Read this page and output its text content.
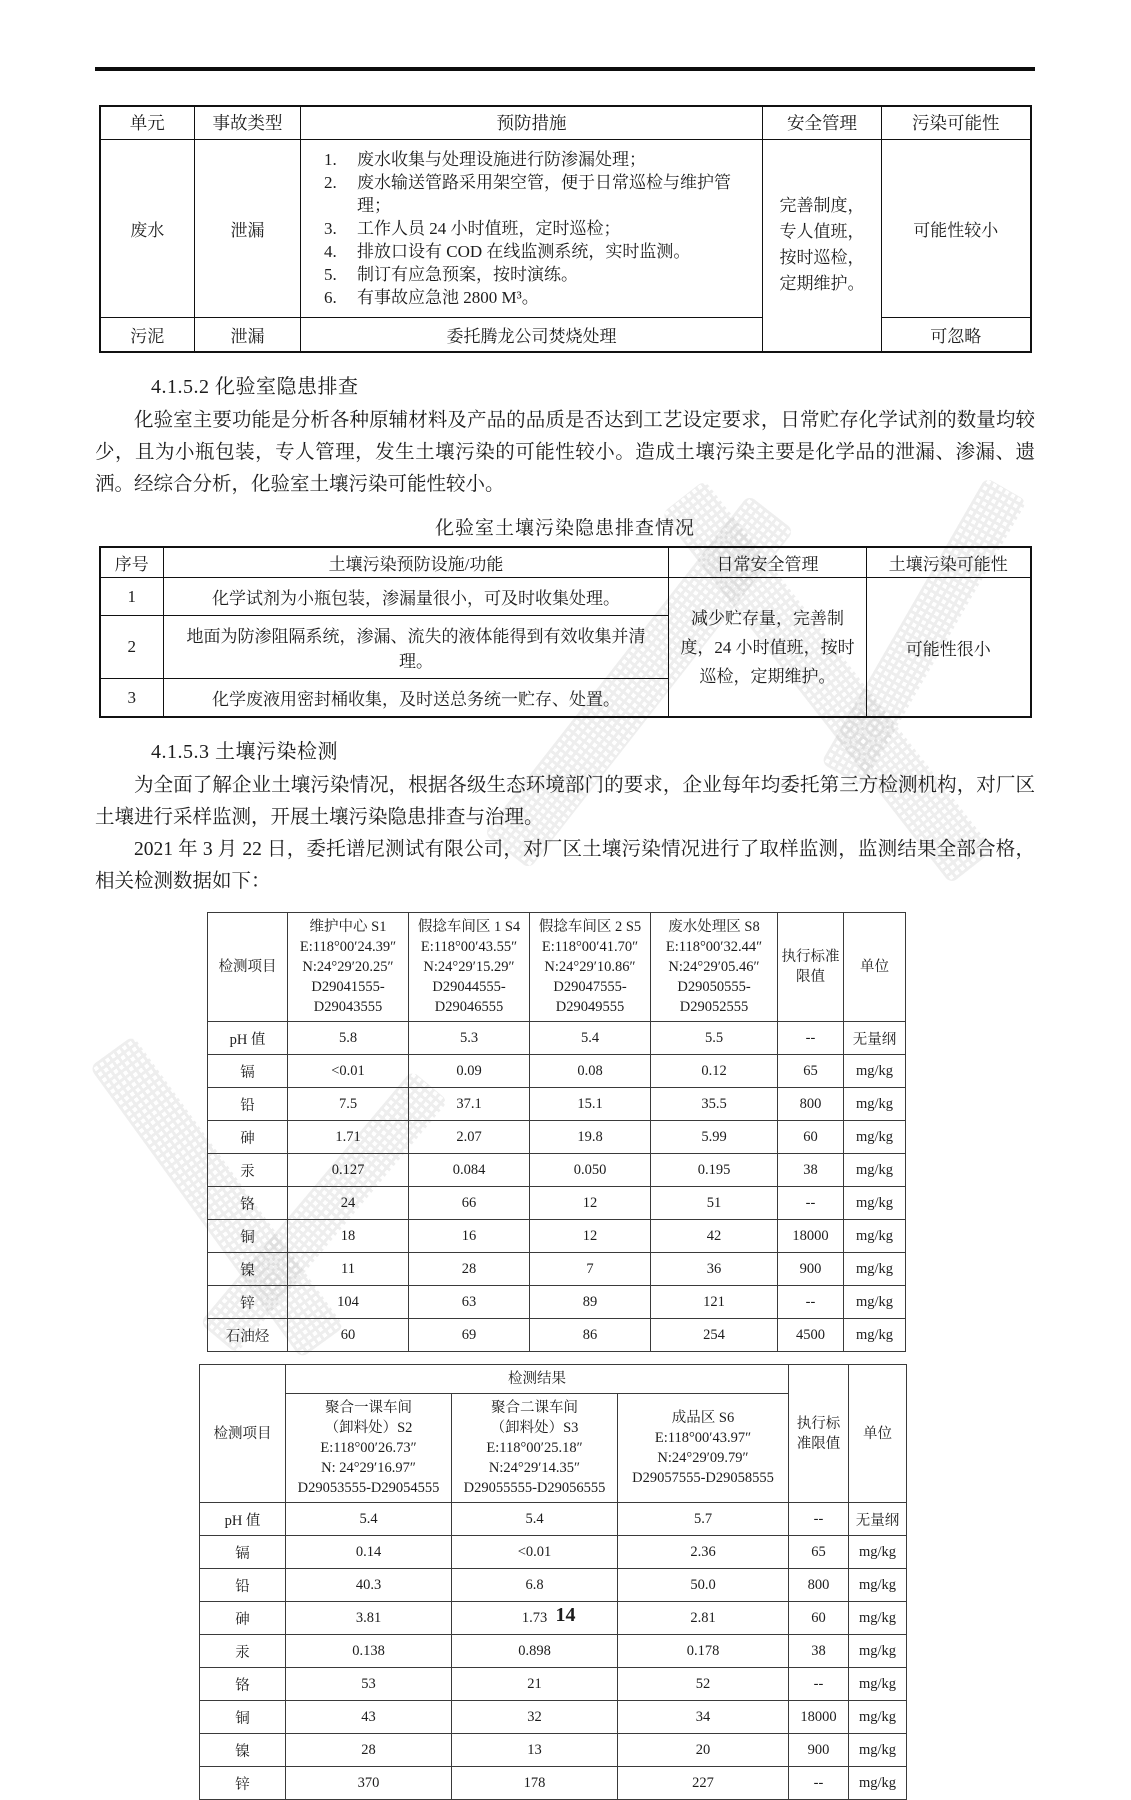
单元	事故类型	预防措施	安全管理	污染可能性
废水	泄漏	
1. 废水收集与处理设施进行防渗漏处理；
2. 废水输送管路采用架空管，便于日常巡检与维护管理；
3. 工作人员 24 小时值班，定时巡检；
4. 排放口设有 COD 在线监测系统，实时监测。
5. 制订有应急预案，按时演练。
6. 有事故应急池 2800 M³。
	完善制度，专人值班，按时巡检，定期维护。	可能性较小
污泥	泄漏	委托腾龙公司焚烧处理		可忽略
4.1.5.2 化验室隐患排查

化验室主要功能是分析各种原辅材料及产品的品质是否达到工艺设定要求，日常贮存化学试剂的数量均较少，且为小瓶包装，专人管理，发生土壤污染的可能性较小。造成土壤污染主要是化学品的泄漏、渗漏、遗洒。经综合分析，化验室土壤污染可能性较小。

化验室土壤污染隐患排查情况
序号	土壤污染预防设施/功能	日常安全管理	土壤污染可能性
1	化学试剂为小瓶包装，渗漏量很小，可及时收集处理。	减少贮存量，完善制度，24 小时值班，按时巡检，定期维护。	可能性很小
2	地面为防渗阻隔系统，渗漏、流失的液体能得到有效收集并清理。		
3	化学废液用密封桶收集，及时送总务统一贮存、处置。		
4.1.5.3 土壤污染检测

为全面了解企业土壤污染情况，根据各级生态环境部门的要求，企业每年均委托第三方检测机构，对厂区土壤进行采样监测，开展土壤污染隐患排查与治理。

2021 年 3 月 22 日，委托谱尼测试有限公司，对厂区土壤污染情况进行了取样监测，监测结果全部合格，相关检测数据如下：

检测项目	维护中心 S1
E:118°00′24.39″
N:24°29′20.25″
D29041555-
D29043555	假捻车间区 1 S4
E:118°00′43.55″
N:24°29′15.29″
D29044555-
D29046555	假捻车间区 2 S5
E:118°00′41.70″
N:24°29′10.86″
D29047555-
D29049555	废水处理区 S8
E:118°00′32.44″
N:24°29′05.46″
D29050555-
D29052555	执行标准限值	单位
pH 值	5.8	5.3	5.4	5.5	--	无量纲
镉	<0.01	0.09	0.08	0.12	65	mg/kg
铅	7.5	37.1	15.1	35.5	800	mg/kg
砷	1.71	2.07	19.8	5.99	60	mg/kg
汞	0.127	0.084	0.050	0.195	38	mg/kg
铬	24	66	12	51	--	mg/kg
铜	18	16	12	42	18000	mg/kg
镍	11	28	7	36	900	mg/kg
锌	104	63	89	121	--	mg/kg
石油烃	60	69	86	254	4500	mg/kg
检测项目	检测结果			执行标准限值	单位

	聚合一课车间
（卸料处）S2
E:118°00′26.73″
N: 24°29′16.97″
D29053555-D29054555	聚合二课车间
（卸料处）S3
E:118°00′25.18″
N:24°29′14.35″
D29055555-D29056555	成品区 S6
E:118°00′43.97″
N:24°29′09.79″
D29057555-D29058555		

pH 值	5.4	5.4	5.7	--	无量纲
镉	0.14	<0.01	2.36	65	mg/kg
铅	40.3	6.8	50.0	800	mg/kg
砷	3.81	1.73	2.81	60	mg/kg
汞	0.138	0.898	0.178	38	mg/kg
铬	53	21	52	--	mg/kg
铜	43	32	34	18000	mg/kg
镍	28	13	20	900	mg/kg
锌	370	178	227	--	mg/kg
14
